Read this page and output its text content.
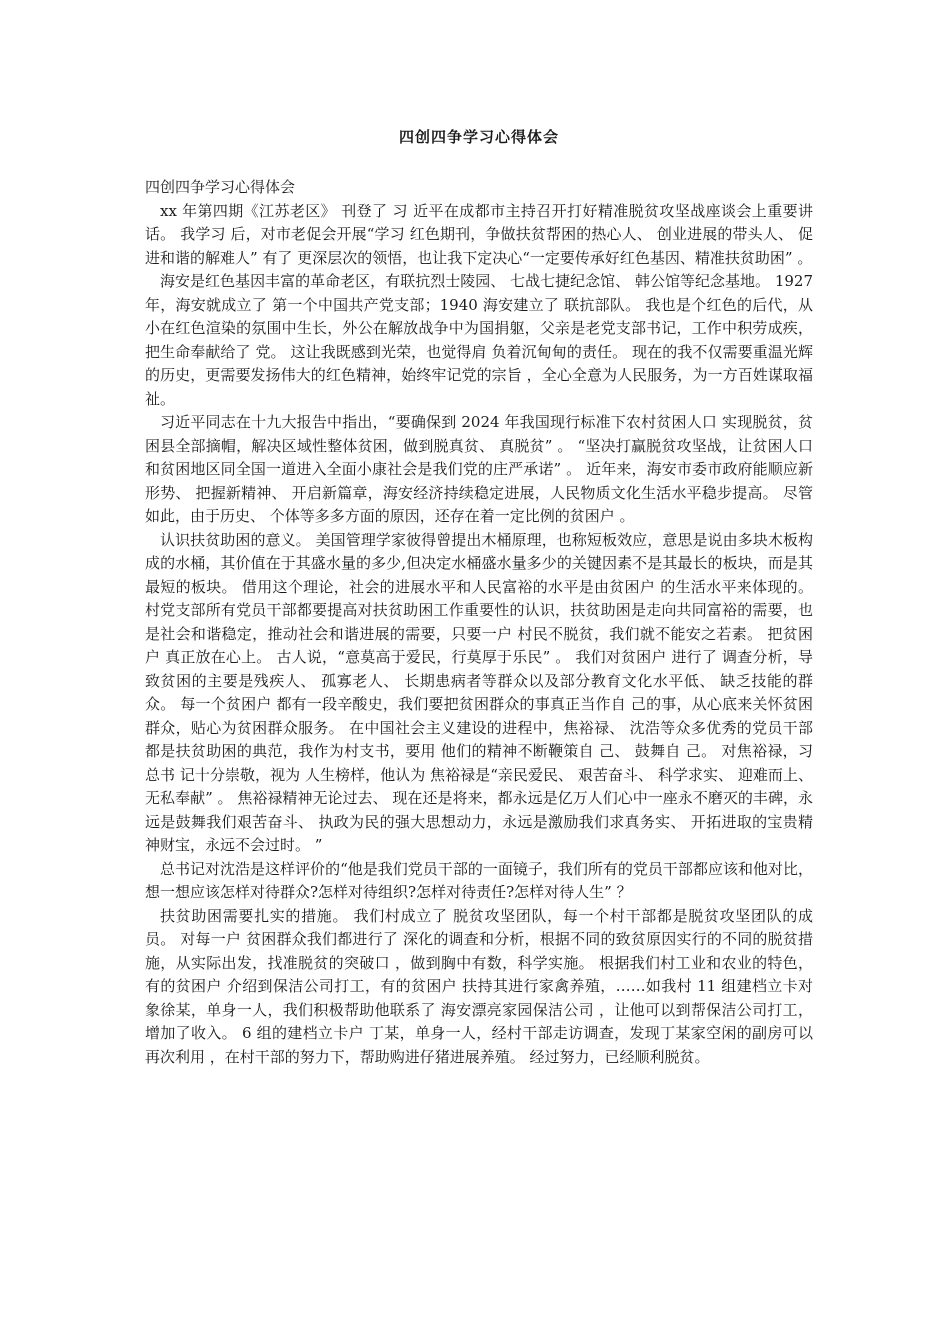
四创四争学习心得体会

四创四争学习心得体会

xx 年第四期《江苏老区》 刊登了 习 近平在成都市主持召开打好精准脱贫攻坚战座谈会上重要讲话。 我学习 后，对市老促会开展“学习 红色期刊，争做扶贫帮困的热心人、 创业进展的带头人、 促进和谐的解难人” 有了 更深层次的领悟，也让我下定决心“一定要传承好红色基因、精准扶贫助困” 。

海安是红色基因丰富的革命老区，有联抗烈士陵园、 七战七捷纪念馆、 韩公馆等纪念基地。 1927 年，海安就成立了 第一个中国共产党支部；1940 海安建立了 联抗部队。 我也是个红色的后代，从小在红色渲染的氛围中生长，外公在解放战争中为国捐躯，父亲是老党支部书记，工作中积劳成疾，把生命奉献给了 党。 这让我既感到光荣，也觉得肩 负着沉甸甸的责任。 现在的我不仅需要重温光辉的历史，更需要发扬伟大的红色精神，始终牢记党的宗旨 ，全心全意为人民服务，为一方百姓谋取福祉。

习近平同志在十九大报告中指出，“要确保到 2024 年我国现行标准下农村贫困人口 实现脱贫，贫困县全部摘帽，解决区域性整体贫困，做到脱真贫、 真脱贫” 。 “坚决打赢脱贫攻坚战，让贫困人口 和贫困地区同全国一道进入全面小康社会是我们党的庄严承诺” 。 近年来，海安市委市政府能顺应新形势、 把握新精神、 开启新篇章，海安经济持续稳定进展，人民物质文化生活水平稳步提高。 尽管如此，由于历史、 个体等多多方面的原因，还存在着一定比例的贫困户 。

认识扶贫助困的意义。 美国管理学家彼得曾提出木桶原理，也称短板效应，意思是说由多块木板构成的水桶，其价值在于其盛水量的多少,但决定水桶盛水量多少的关键因素不是其最长的板块，而是其最短的板块。 借用这个理论，社会的进展水平和人民富裕的水平是由贫困户 的生活水平来体现的。 村党支部所有党员干部都要提高对扶贫助困工作重要性的认识，扶贫助困是走向共同富裕的需要，也是社会和谐稳定，推动社会和谐进展的需要，只要一户 村民不脱贫，我们就不能安之若素。 把贫困户 真正放在心上。 古人说，“意莫高于爱民，行莫厚于乐民” 。 我们对贫困户 进行了 调查分析，导致贫困的主要是残疾人、 孤寡老人、 长期患病者等群众以及部分教育文化水平低、 缺乏技能的群众。 每一个贫困户 都有一段辛酸史，我们要把贫困群众的事真正当作自 己的事，从心底来关怀贫困群众，贴心为贫困群众服务。 在中国社会主义建设的进程中，焦裕禄、 沈浩等众多优秀的党员干部都是扶贫助困的典范，我作为村支书，要用 他们的精神不断鞭策自 己、 鼓舞自 己。 对焦裕禄，习 总书 记十分崇敬，视为 人生榜样，他认为 焦裕禄是“亲民爱民、 艰苦奋斗、 科学求实、 迎难而上、 无私奉献” 。 焦裕禄精神无论过去、 现在还是将来，都永远是亿万人们心中一座永不磨灭的丰碑，永远是鼓舞我们艰苦奋斗、 执政为民的强大思想动力，永远是激励我们求真务实、 开拓进取的宝贵精神财宝，永远不会过时。 ”

总书记对沈浩是这样评价的“他是我们党员干部的一面镜子，我们所有的党员干部都应该和他对比，想一想应该怎样对待群众?怎样对待组织?怎样对待责任?怎样对待人生” ？

扶贫助困需要扎实的措施。 我们村成立了 脱贫攻坚团队，每一个村干部都是脱贫攻坚团队的成员。 对每一户 贫困群众我们都进行了 深化的调查和分析，根据不同的致贫原因实行的不同的脱贫措施，从实际出发，找准脱贫的突破口 ，做到胸中有数，科学实施。 根据我们村工业和农业的特色，有的贫困户 介绍到保洁公司打工，有的贫困户 扶持其进行家禽养殖，……如我村 11 组建档立卡对象徐某，单身一人，我们积极帮助他联系了 海安漂亮家园保洁公司 ，让他可以到帮保洁公司打工，增加了收入。 6 组的建档立卡户 丁某，单身一人，经村干部走访调查，发现丁某家空闲的副房可以再次利用 ，在村干部的努力下，帮助购进仔猪进展养殖。 经过努力，已经顺利脱贫。
